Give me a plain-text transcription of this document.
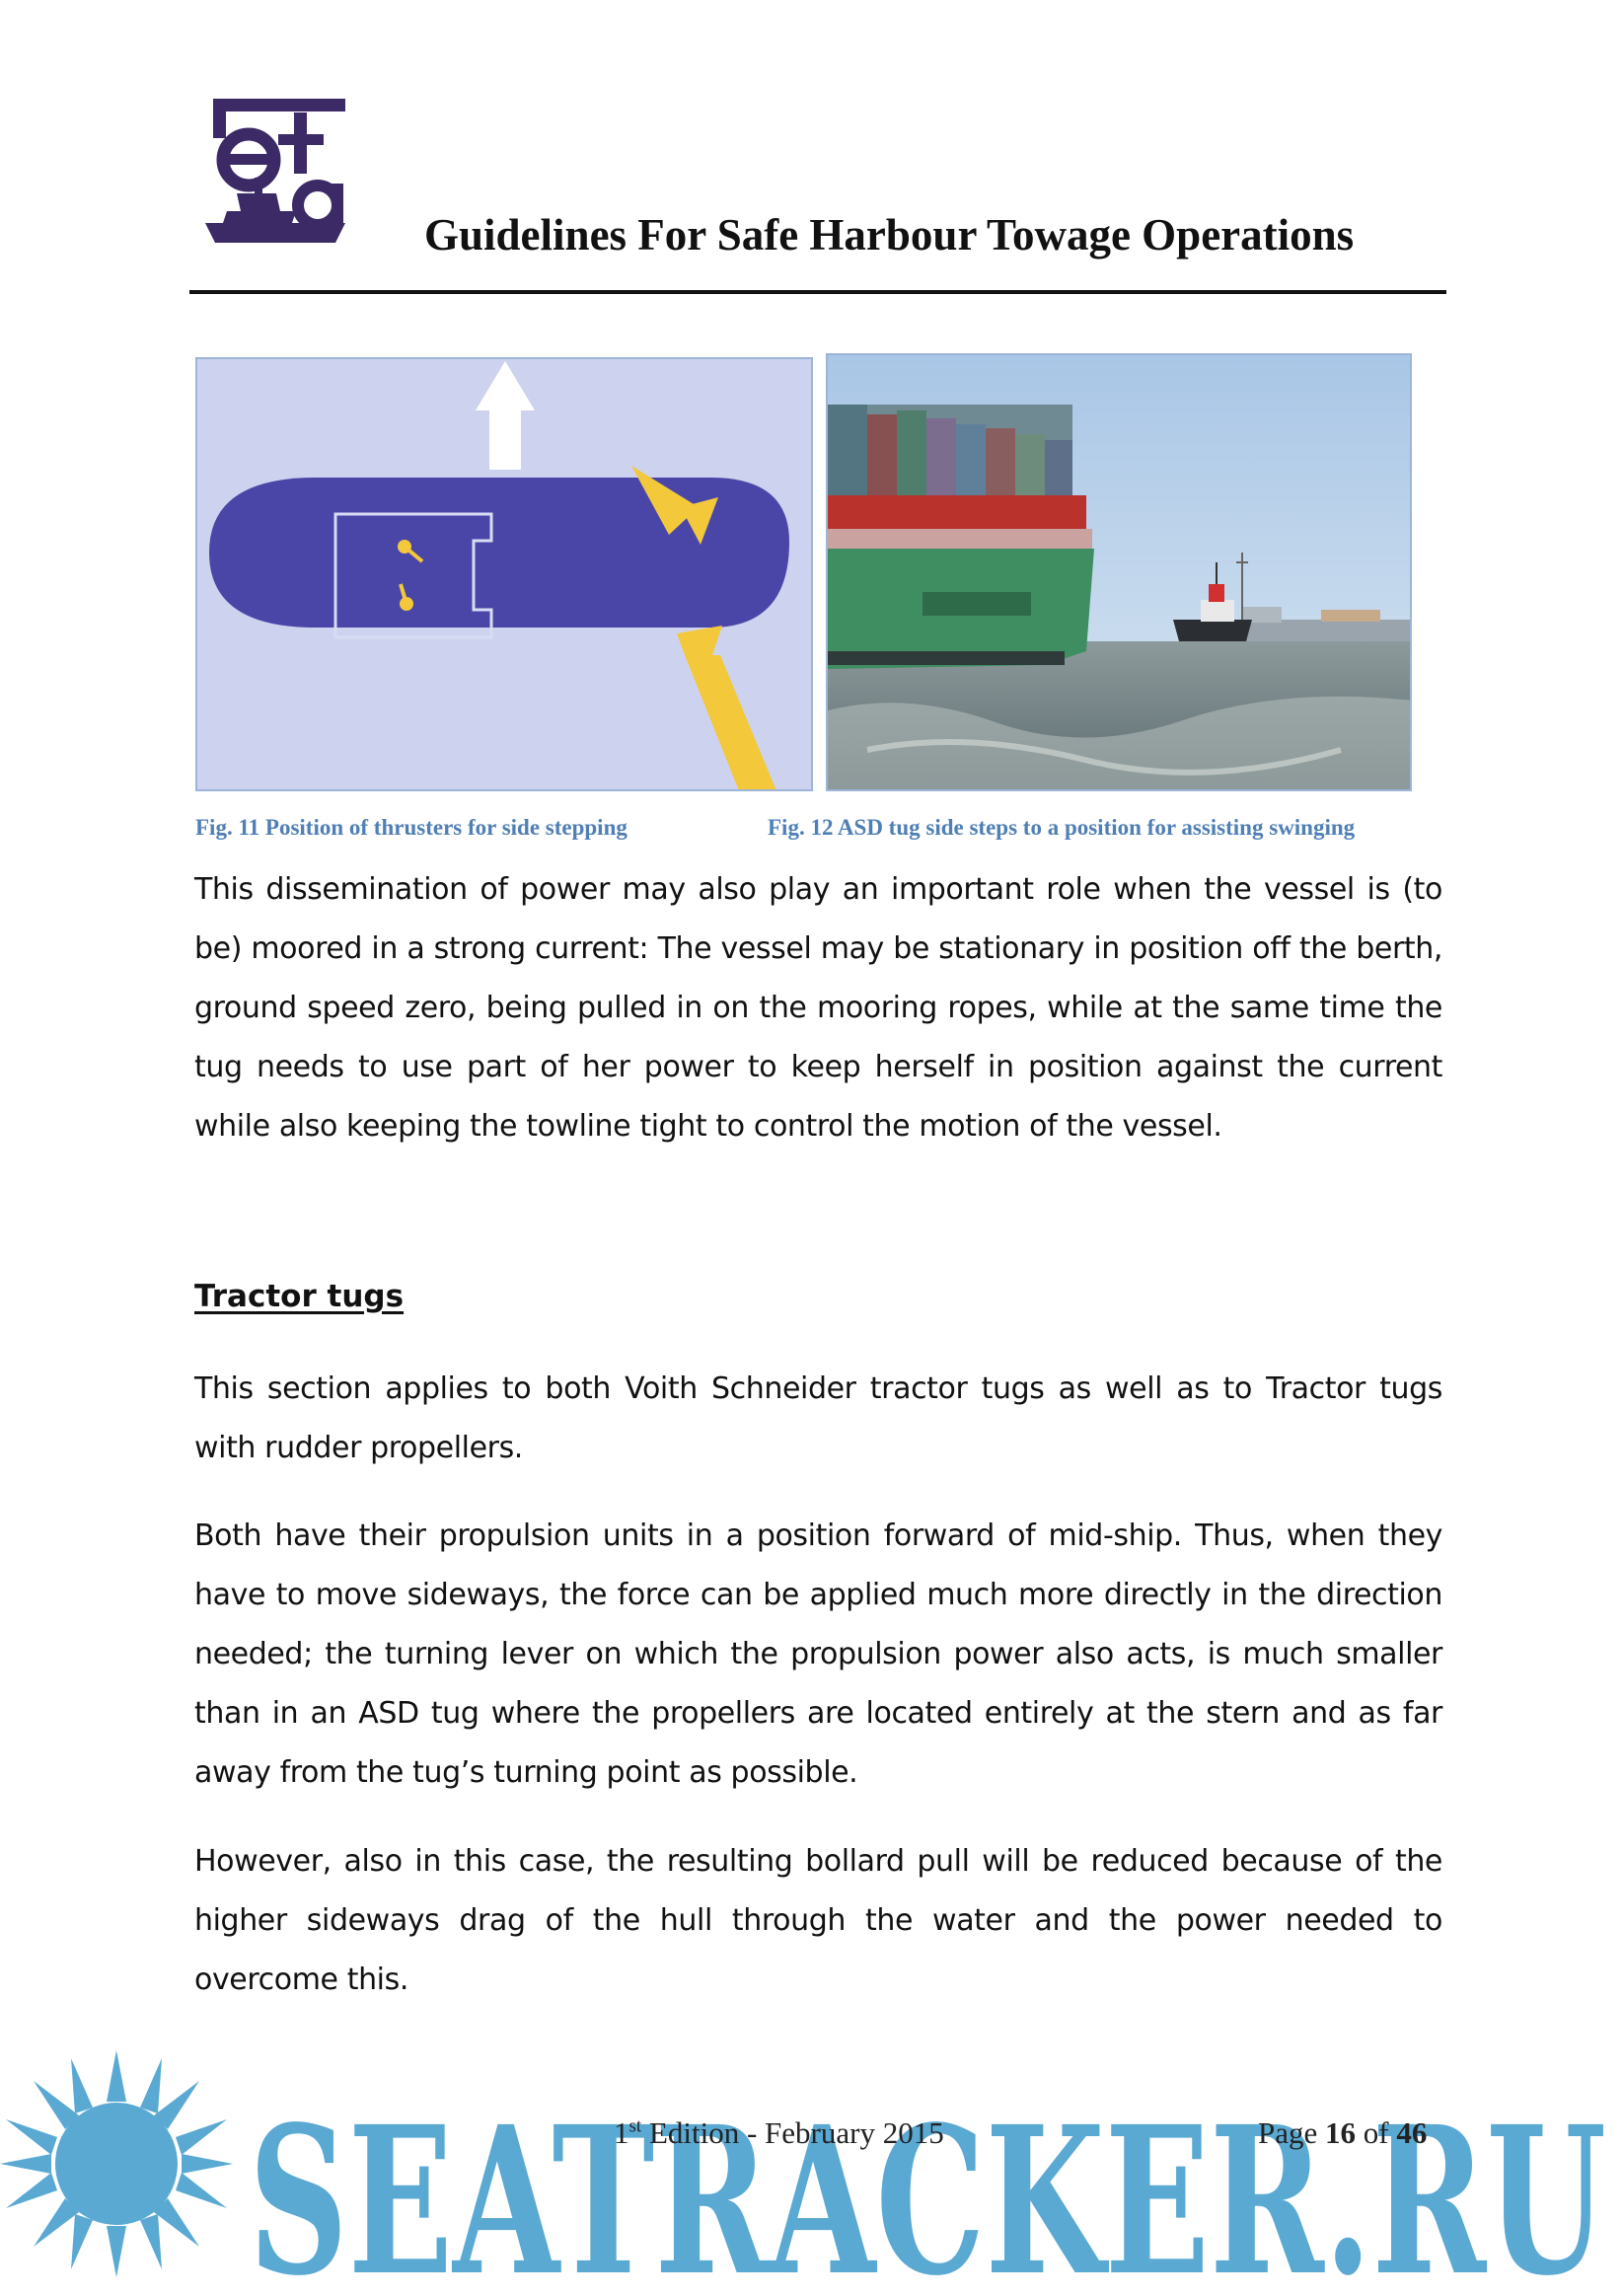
Guidelines For Safe Harbour Towage Operations
Fig. 11 Position of thrusters for side stepping	Fig. 12 ASD tug side steps to a position for assisting swinging
This dissemination of power may also play an important role when the vessel is (to be) moored in a strong current: The vessel may be stationary in position off the berth, ground speed zero, being pulled in on the mooring ropes, while at the same time the tug needs to use part of her power to keep herself in position against the current while also keeping the towline tight to control the motion of the vessel.
Tractor tugs
This section applies to both Voith Schneider tractor tugs as well as to Tractor tugs with rudder propellers.
Both have their propulsion units in a position forward of mid-ship. Thus, when they have to move sideways, the force can be applied much more directly in the direction needed; the turning lever on which the propulsion power also acts, is much smaller than in an ASD tug where the propellers are located entirely at the stern and as far away from the tug’s turning point as possible.
However, also in this case, the resulting bollard pull will be reduced because of the higher sideways drag of the hull through the water and the power needed to overcome this.
SEATRACKER.RU
1st Edition - February 2015	Page 16 of 46
